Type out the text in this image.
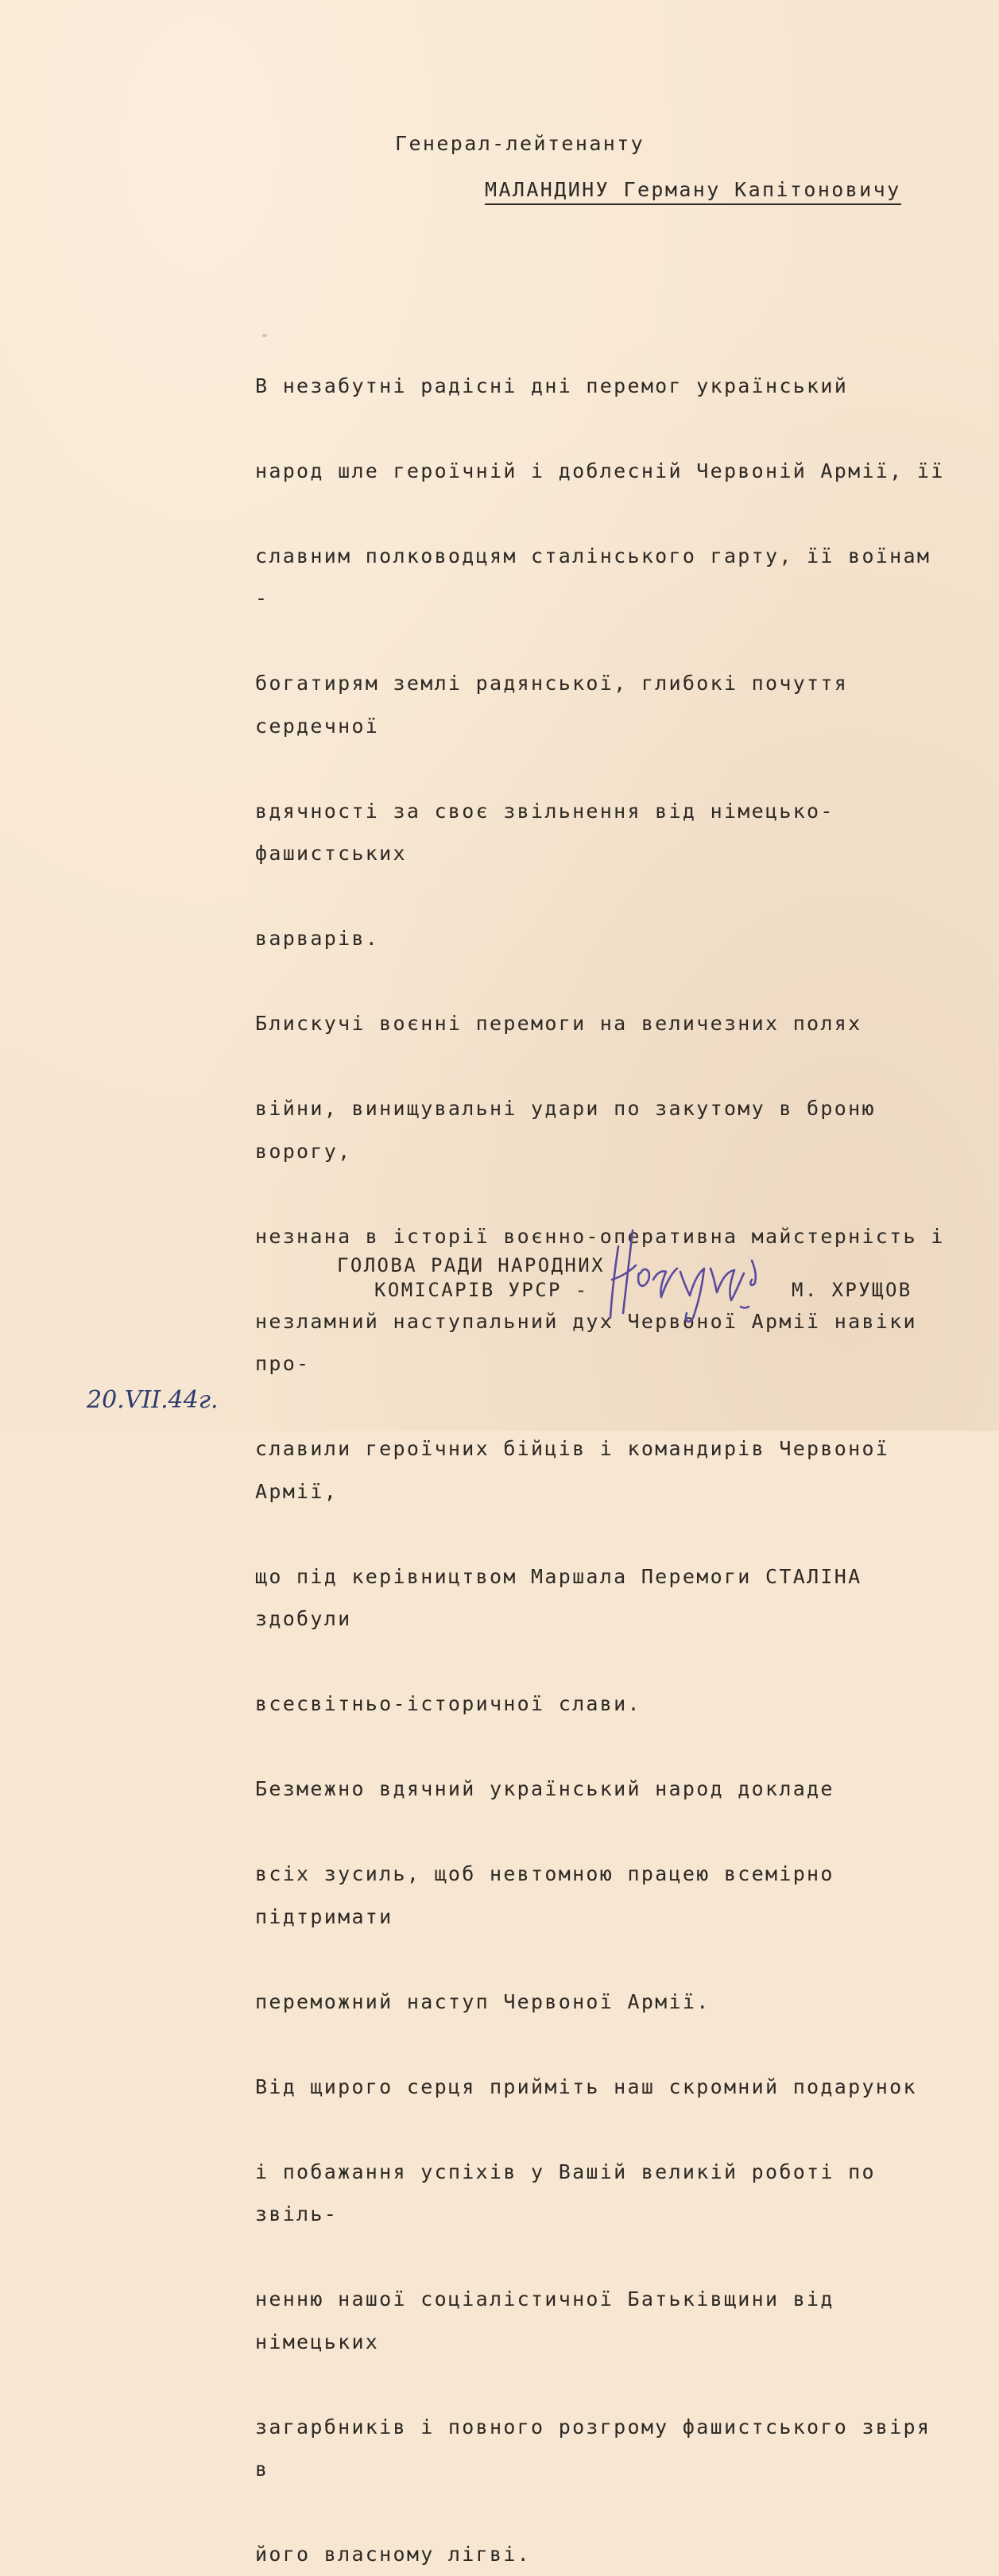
Генерал-лейтенанту
МАЛАНДИНУ Герману Капітоновичу

В незабутні радісні дні перемог український

народ шле героїчній і доблесній Червоній Армії, її

славним полководцям сталінського гарту, її воїнам -

богатирям землі радянської, глибокі почуття сердечної

вдячності за своє звільнення від німецько-фашистських

варварів.

Блискучі воєнні перемоги на величезних полях

війни, винищувальні удари по закутому в броню ворогу,

незнана в історії воєнно-оперативна майстерність і

незламний наступальний дух Червоної Армії навіки про-

славили героїчних бійців і командирів Червоної Армії,

що під керівництвом Маршала Перемоги СТАЛІНА здобули

всесвітньо-історичної слави.

Безмежно вдячний український народ докладе

всіх зусиль, щоб невтомною працею всемірно підтримати

переможний наступ Червоної Армії.

Від щирого серця прийміть наш скромний подарунок

і побажання успіхів у Вашій великій роботі по звіль-

ненню нашої соціалістичної Батьківщини від німецьких

загарбників і повного розгрому фашистського звіря в

його власному лігві.

ГОЛОВА РАДИ НАРОДНИХ
КОМІСАРІВ УРСР -	М. ХРУЩОВ
20.VII.44г.
